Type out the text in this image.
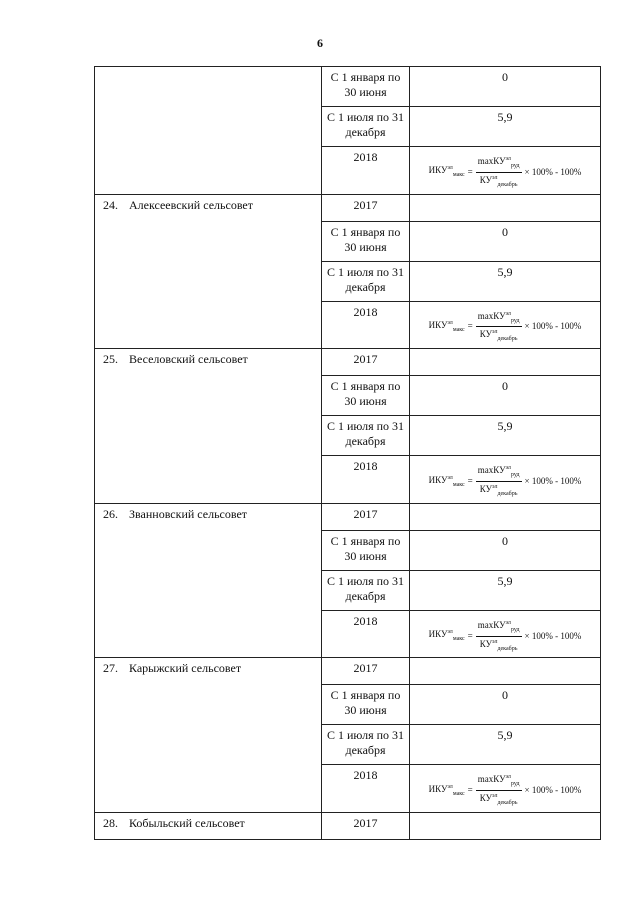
6
	С 1 января по 30 июня	0
	С 1 июля по 31 декабря	5,9
	2018	$ИКУ^{эл}_{макс} = \frac{\max КУ^{эл}_{руд}}{КУ^{эл}_{декабрь}} \times 100\% - 100\%$

24. Алексеевский сельсовет	2017	
	С 1 января по 30 июня	0
	С 1 июля по 31 декабря	5,9
	2018	$ИКУ^{эл}_{макс} = \frac{\max КУ^{эл}_{руд}}{КУ^{эл}_{декабрь}} \times 100\% - 100\%$

25. Веселовский сельсовет	2017	
	С 1 января по 30 июня	0
	С 1 июля по 31 декабря	5,9
	2018	$ИКУ^{эл}_{макс} = \frac{\max КУ^{эл}_{руд}}{КУ^{эл}_{декабрь}} \times 100\% - 100\%$

26. Званновский сельсовет	2017	
	С 1 января по 30 июня	0
	С 1 июля по 31 декабря	5,9
	2018	$ИКУ^{эл}_{макс} = \frac{\max КУ^{эл}_{руд}}{КУ^{эл}_{декабрь}} \times 100\% - 100\%$

27. Карыжский сельсовет	2017	
	С 1 января по 30 июня	0
	С 1 июля по 31 декабря	5,9
	2018	$ИКУ^{эл}_{макс} = \frac{\max КУ^{эл}_{руд}}{КУ^{эл}_{декабрь}} \times 100\% - 100\%$

28. Кобыльский сельсовет	2017	
